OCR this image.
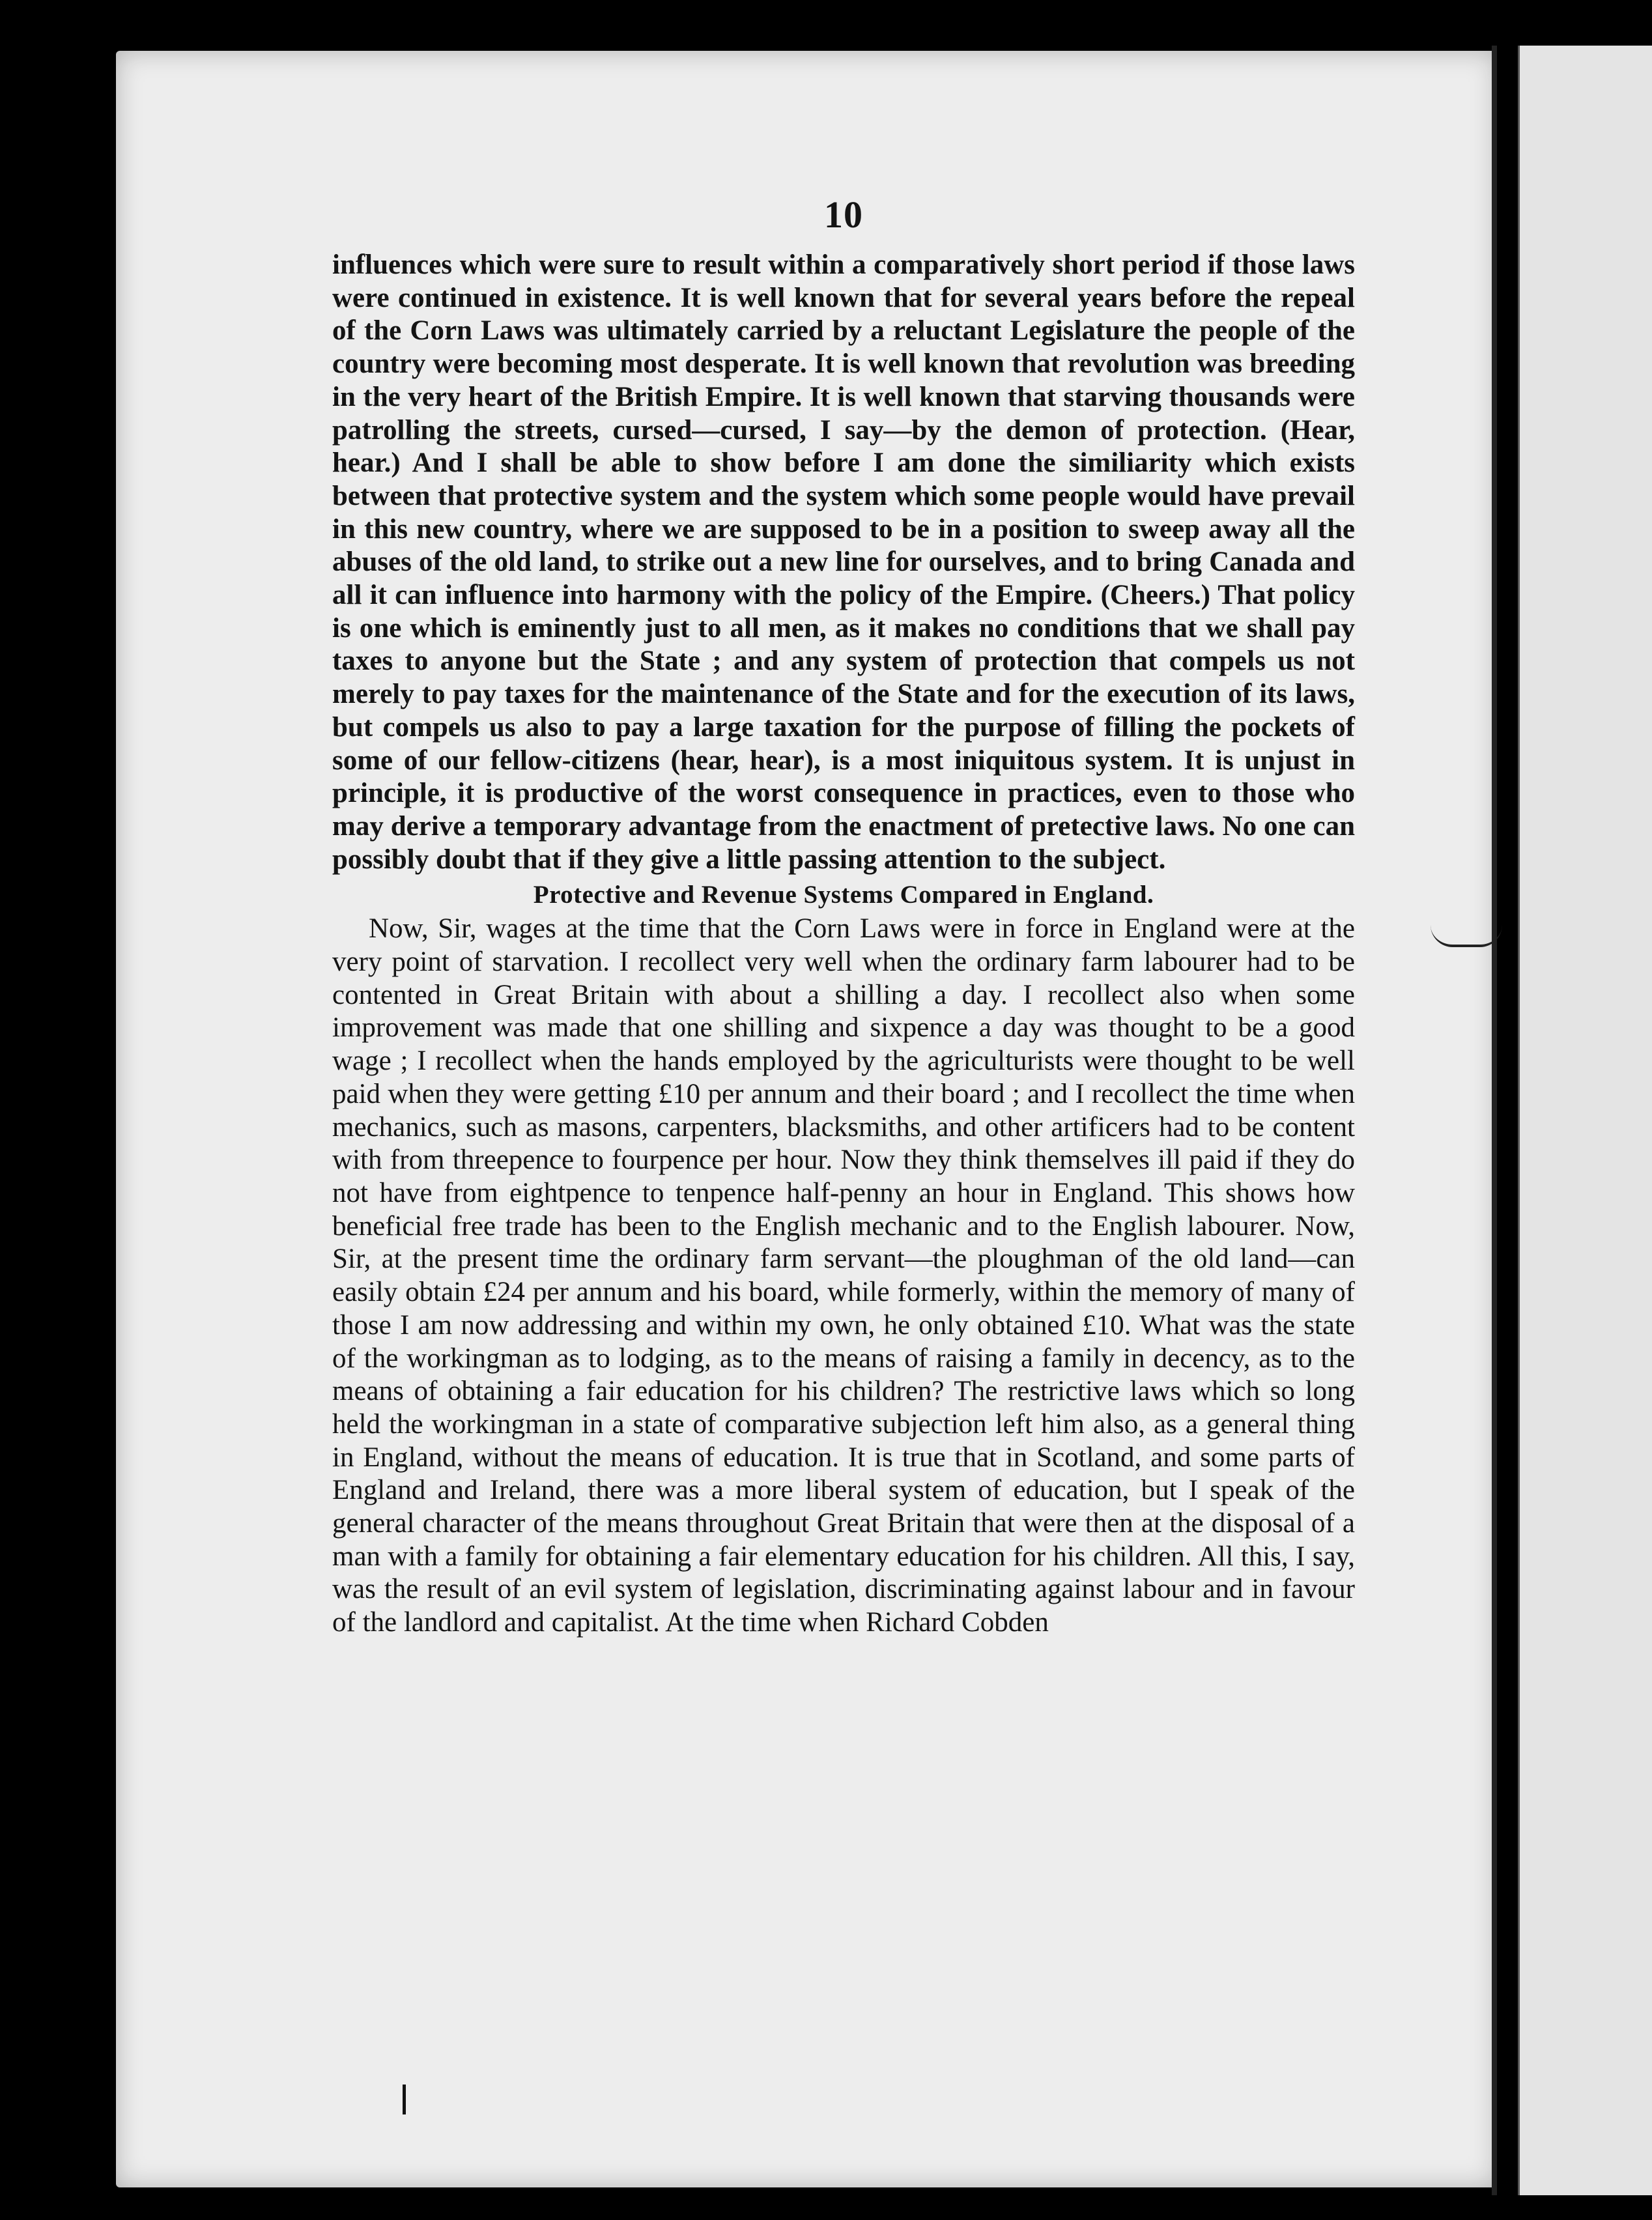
10

influences which were sure to result within a comparatively short period if those laws were continued in existence. It is well known that for several years before the repeal of the Corn Laws was ultimately carried by a reluctant Legislature the people of the country were becoming most desperate. It is well known that revolution was breeding in the very heart of the British Empire. It is well known that starving thousands were patrolling the streets, cursed—cursed, I say—by the demon of protection. (Hear, hear.) And I shall be able to show before I am done the similiarity which exists between that protective system and the system which some people would have prevail in this new country, where we are supposed to be in a position to sweep away all the abuses of the old land, to strike out a new line for ourselves, and to bring Canada and all it can influence into harmony with the policy of the Empire. (Cheers.) That policy is one which is eminently just to all men, as it makes no conditions that we shall pay taxes to anyone but the State ; and any system of protection that compels us not merely to pay taxes for the maintenance of the State and for the execution of its laws, but compels us also to pay a large taxation for the purpose of filling the pockets of some of our fellow-citizens (hear, hear), is a most iniquitous system. It is unjust in principle, it is productive of the worst consequence in practices, even to those who may derive a temporary advantage from the enactment of pretective laws. No one can possibly doubt that if they give a little passing attention to the subject.

Protective and Revenue Systems Compared in England.

Now, Sir, wages at the time that the Corn Laws were in force in England were at the very point of starvation. I recollect very well when the ordinary farm labourer had to be contented in Great Britain with about a shilling a day. I recollect also when some improvement was made that one shilling and sixpence a day was thought to be a good wage ; I recollect when the hands employed by the agriculturists were thought to be well paid when they were getting £10 per annum and their board ; and I recollect the time when mechanics, such as masons, carpenters, blacksmiths, and other artificers had to be content with from threepence to fourpence per hour. Now they think themselves ill paid if they do not have from eightpence to tenpence half-penny an hour in England. This shows how beneficial free trade has been to the English mechanic and to the English labourer. Now, Sir, at the present time the ordinary farm servant—the ploughman of the old land—can easily obtain £24 per annum and his board, while formerly, within the memory of many of those I am now addressing and within my own, he only obtained £10. What was the state of the workingman as to lodging, as to the means of raising a family in decency, as to the means of obtaining a fair education for his children? The restrictive laws which so long held the workingman in a state of comparative subjection left him also, as a general thing in England, without the means of education. It is true that in Scotland, and some parts of England and Ireland, there was a more liberal system of education, but I speak of the general character of the means throughout Great Britain that were then at the disposal of a man with a family for obtaining a fair elementary education for his children. All this, I say, was the result of an evil system of legislation, discriminating against labour and in favour of the landlord and capitalist. At the time when Richard Cobden
